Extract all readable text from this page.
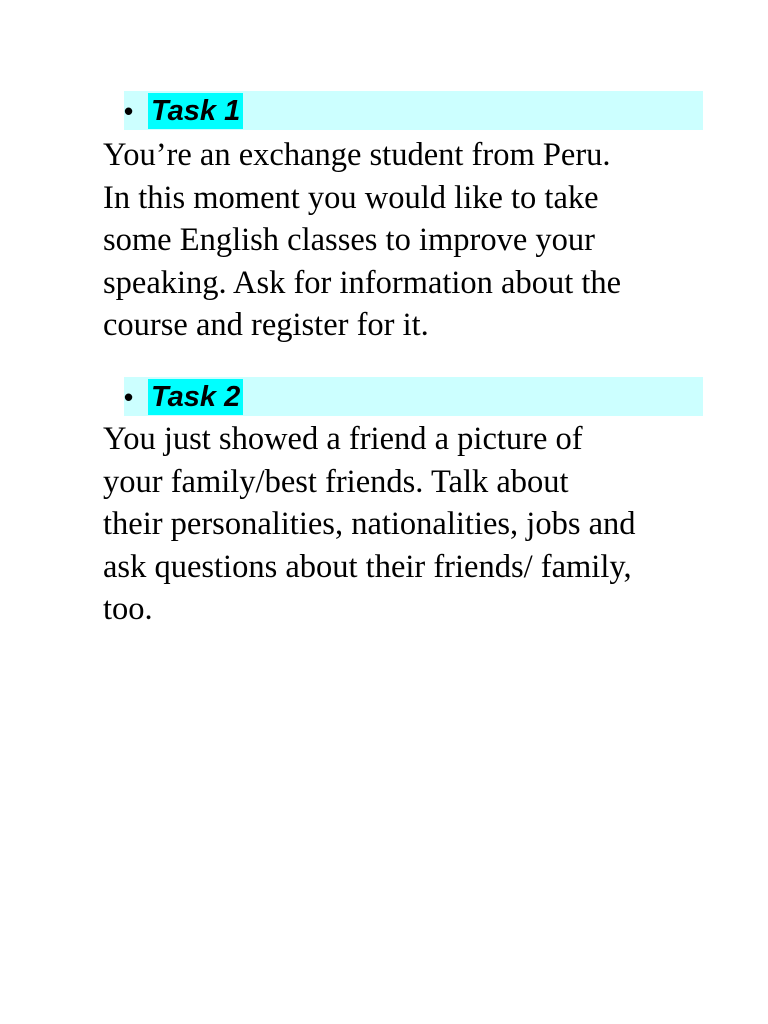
• Task 1

You’re an exchange student from Peru.
In this moment you would like to take
some English classes to improve your
speaking. Ask for information about the
course and register for it.

• Task 2

You just showed a friend a picture of
your family/best friends. Talk about
their personalities, nationalities, jobs and
ask questions about their friends/ family,
too.
